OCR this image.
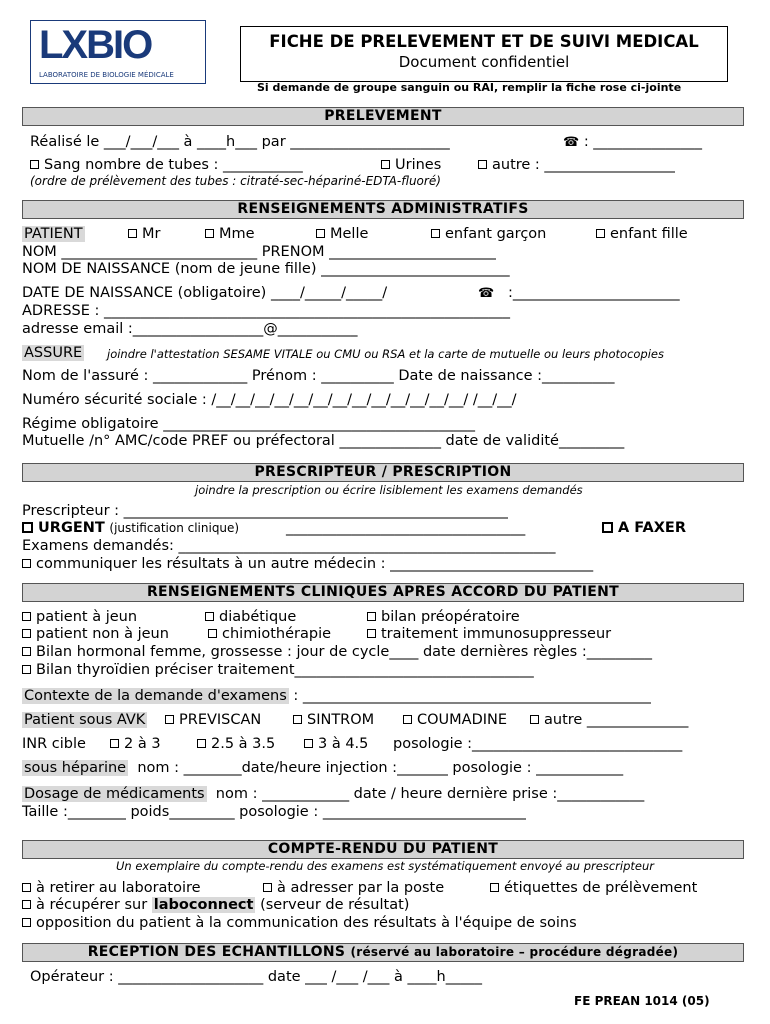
LXBIO
LABORATOIRE DE BIOLOGIE MÉDICALE
FICHE DE PRELEVEMENT ET DE SUIVI MEDICAL
Document confidentiel
Si demande de groupe sanguin ou RAI, remplir la fiche rose ci-jointe
PRELEVEMENT
Réalisé le ___/___/___ à ____h___ par ______________________	☎ : _______________
Sang nombre de tubes : ___________	Urines	autre : __________________
(ordre de prélèvement des tubes : citraté-sec-hépariné-EDTA-fluoré)
RENSEIGNEMENTS ADMINISTRATIFS
PATIENT	Mr	Mme	Melle	enfant garçon	enfant fille
NOM ___________________________ PRENOM _______________________
NOM DE NAISSANCE (nom de jeune fille) __________________________
DATE DE NAISSANCE (obligatoire) ____/_____/_____/	☎ :_______________________
ADRESSE : ________________________________________________________
adresse email :__________________@___________
ASSURE joindre l'attestation SESAME VITALE ou CMU ou RSA et la carte de mutuelle ou leurs photocopies
Nom de l'assuré : _____________ Prénom : __________ Date de naissance :__________
Numéro sécurité sociale : /__/__/__/__/__/__/__/__/__/__/__/__/__/ /__/__/
Régime obligatoire ___________________________________________
Mutuelle /n° AMC/code PREF ou préfectoral ______________ date de validité_________
PRESCRIPTEUR / PRESCRIPTION
joindre la prescription ou écrire lisiblement les examens demandés
Prescripteur : _____________________________________________________
URGENT (justification clinique)	_________________________________	A FAXER
Examens demandés: ____________________________________________________
communiquer les résultats à un autre médecin : ____________________________
RENSEIGNEMENTS CLINIQUES APRES ACCORD DU PATIENT
patient à jeun	diabétique	bilan préopératoire
patient non à jeun	chimiothérapie	traitement immunosuppresseur
Bilan hormonal femme, grossesse : jour de cycle____ date dernières règles :_________
Bilan thyroïdien préciser traitement_________________________________
Contexte de la demande d'examens : ________________________________________________
Patient sous AVK	PREVISCAN	SINTROM	COUMADINE	autre ______________
INR cible	2 à 3	2.5 à 3.5	3 à 4.5 posologie :_____________________________
sous héparine nom : ________date/heure injection :_______ posologie : ____________
Dosage de médicaments nom : ____________ date / heure dernière prise :____________
Taille :________ poids_________ posologie : ____________________________
COMPTE-RENDU DU PATIENT
Un exemplaire du compte-rendu des examens est systématiquement envoyé au prescripteur
à retirer au laboratoire	à adresser par la poste	étiquettes de prélèvement
à récupérer sur laboconnect (serveur de résultat)
opposition du patient à la communication des résultats à l'équipe de soins
RECEPTION DES ECHANTILLONS (réservé au laboratoire – procédure dégradée)
Opérateur : ____________________ date ___ /___ /___ à ____h_____
FE PREAN 1014 (05)
